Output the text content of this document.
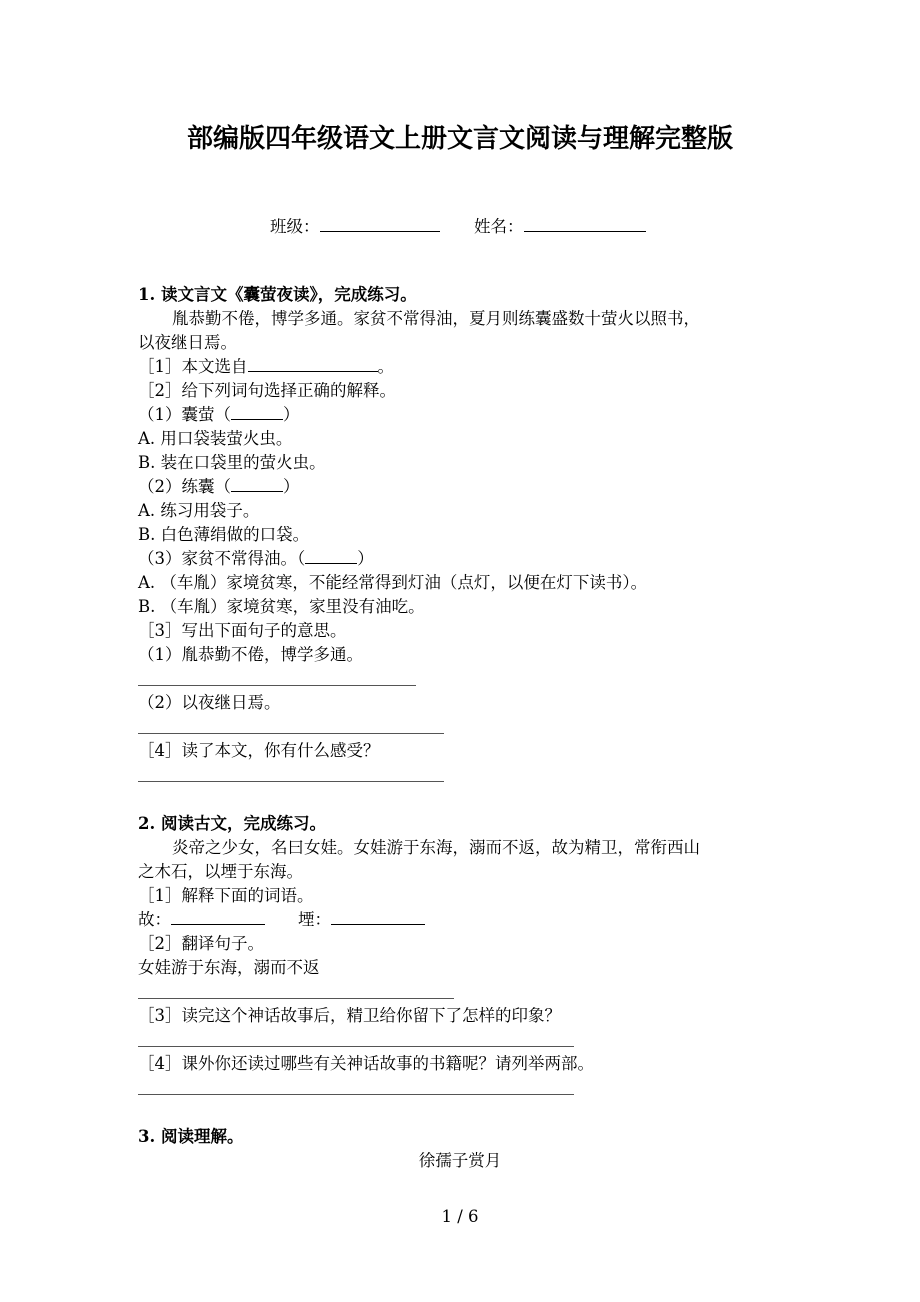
部编版四年级语文上册文言文阅读与理解完整版
班级：	姓名：
1. 读文言文《囊萤夜读》，完成练习。
胤恭勤不倦，博学多通。家贫不常得油，夏月则练囊盛数十萤火以照书，
以夜继日焉。
［1］本文选自	。
［2］给下列词句选择正确的解释。
（1）囊萤（	）
A. 用口袋装萤火虫。
B. 装在口袋里的萤火虫。
（2）练囊（	）
A. 练习用袋子。
B. 白色薄绢做的口袋。
（3）家贫不常得油。（	）
A. （车胤）家境贫寒，不能经常得到灯油（点灯，以便在灯下读书）。
B. （车胤）家境贫寒，家里没有油吃。
［3］写出下面句子的意思。
（1）胤恭勤不倦，博学多通。
（2）以夜继日焉。
［4］读了本文，你有什么感受？
2. 阅读古文，完成练习。
炎帝之少女，名曰女娃。女娃游于东海，溺而不返，故为精卫，常衔西山
之木石，以堙于东海。
［1］解释下面的词语。
故：	堙：
［2］翻译句子。
女娃游于东海，溺而不返
［3］读完这个神话故事后，精卫给你留下了怎样的印象？
［4］课外你还读过哪些有关神话故事的书籍呢？请列举两部。
3. 阅读理解。
徐孺子赏月
1 / 6
